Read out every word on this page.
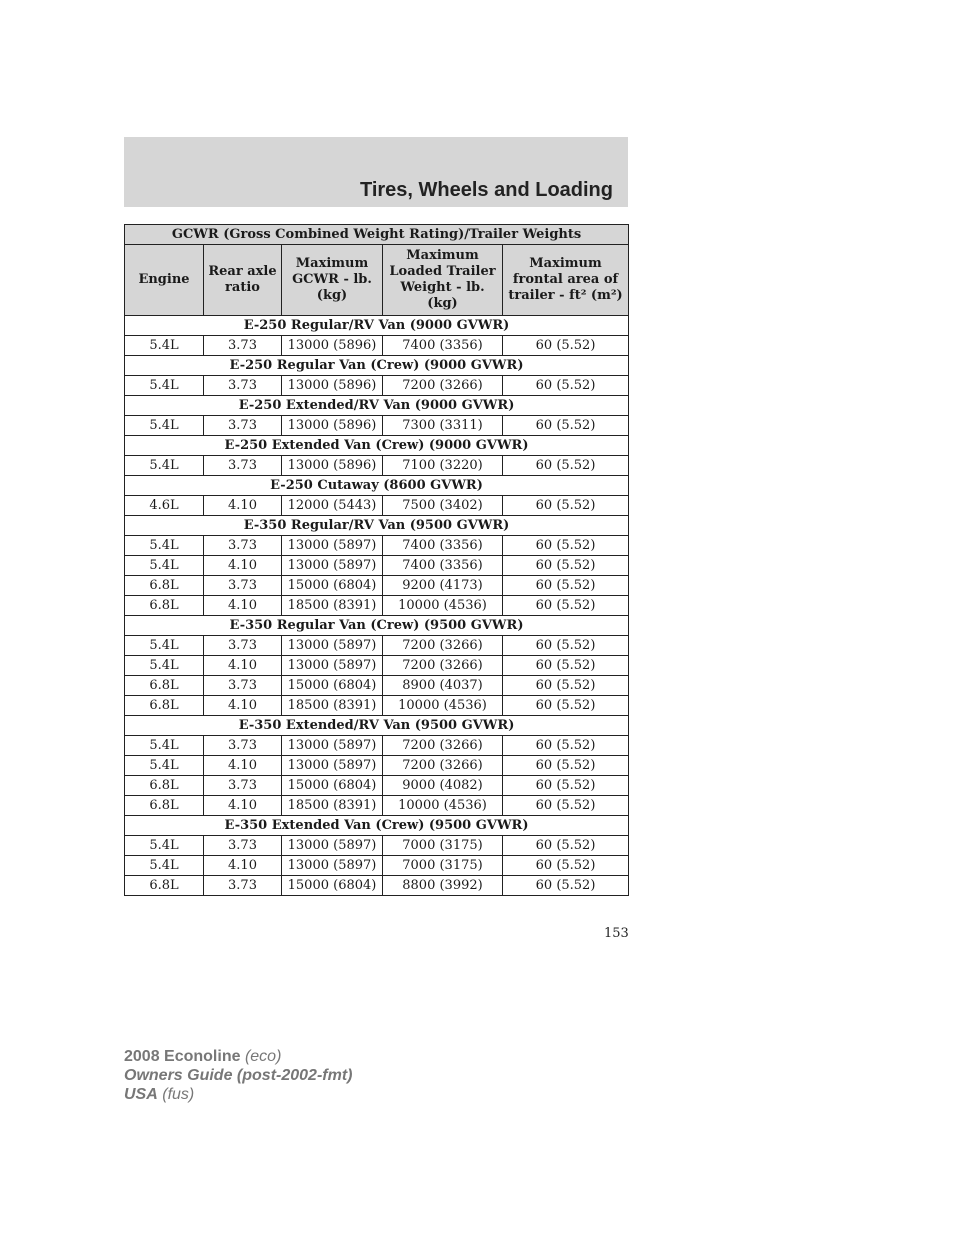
Tires, Wheels and Loading
GCWR (Gross Combined Weight Rating)/Trailer Weights				
Engine	Rear axle ratio	Maximum GCWR - lb. (kg)	Maximum Loaded Trailer Weight - lb. (kg)	Maximum frontal area of trailer - ft² (m²)
E-250 Regular/RV Van (9000 GVWR)				
5.4L	3.73	13000 (5896)	7400 (3356)	60 (5.52)
E-250 Regular Van (Crew) (9000 GVWR)				
5.4L	3.73	13000 (5896)	7200 (3266)	60 (5.52)
E-250 Extended/RV Van (9000 GVWR)				
5.4L	3.73	13000 (5896)	7300 (3311)	60 (5.52)
E-250 Extended Van (Crew) (9000 GVWR)				
5.4L	3.73	13000 (5896)	7100 (3220)	60 (5.52)
E-250 Cutaway (8600 GVWR)				
4.6L	4.10	12000 (5443)	7500 (3402)	60 (5.52)
E-350 Regular/RV Van (9500 GVWR)				
5.4L	3.73	13000 (5897)	7400 (3356)	60 (5.52)
5.4L	4.10	13000 (5897)	7400 (3356)	60 (5.52)
6.8L	3.73	15000 (6804)	9200 (4173)	60 (5.52)
6.8L	4.10	18500 (8391)	10000 (4536)	60 (5.52)
E-350 Regular Van (Crew) (9500 GVWR)				
5.4L	3.73	13000 (5897)	7200 (3266)	60 (5.52)
5.4L	4.10	13000 (5897)	7200 (3266)	60 (5.52)
6.8L	3.73	15000 (6804)	8900 (4037)	60 (5.52)
6.8L	4.10	18500 (8391)	10000 (4536)	60 (5.52)
E-350 Extended/RV Van (9500 GVWR)				
5.4L	3.73	13000 (5897)	7200 (3266)	60 (5.52)
5.4L	4.10	13000 (5897)	7200 (3266)	60 (5.52)
6.8L	3.73	15000 (6804)	9000 (4082)	60 (5.52)
6.8L	4.10	18500 (8391)	10000 (4536)	60 (5.52)
E-350 Extended Van (Crew) (9500 GVWR)				
5.4L	3.73	13000 (5897)	7000 (3175)	60 (5.52)
5.4L	4.10	13000 (5897)	7000 (3175)	60 (5.52)
6.8L	3.73	15000 (6804)	8800 (3992)	60 (5.52)
153
2008 Econoline (eco)
Owners Guide (post-2002-fmt)
USA (fus)
